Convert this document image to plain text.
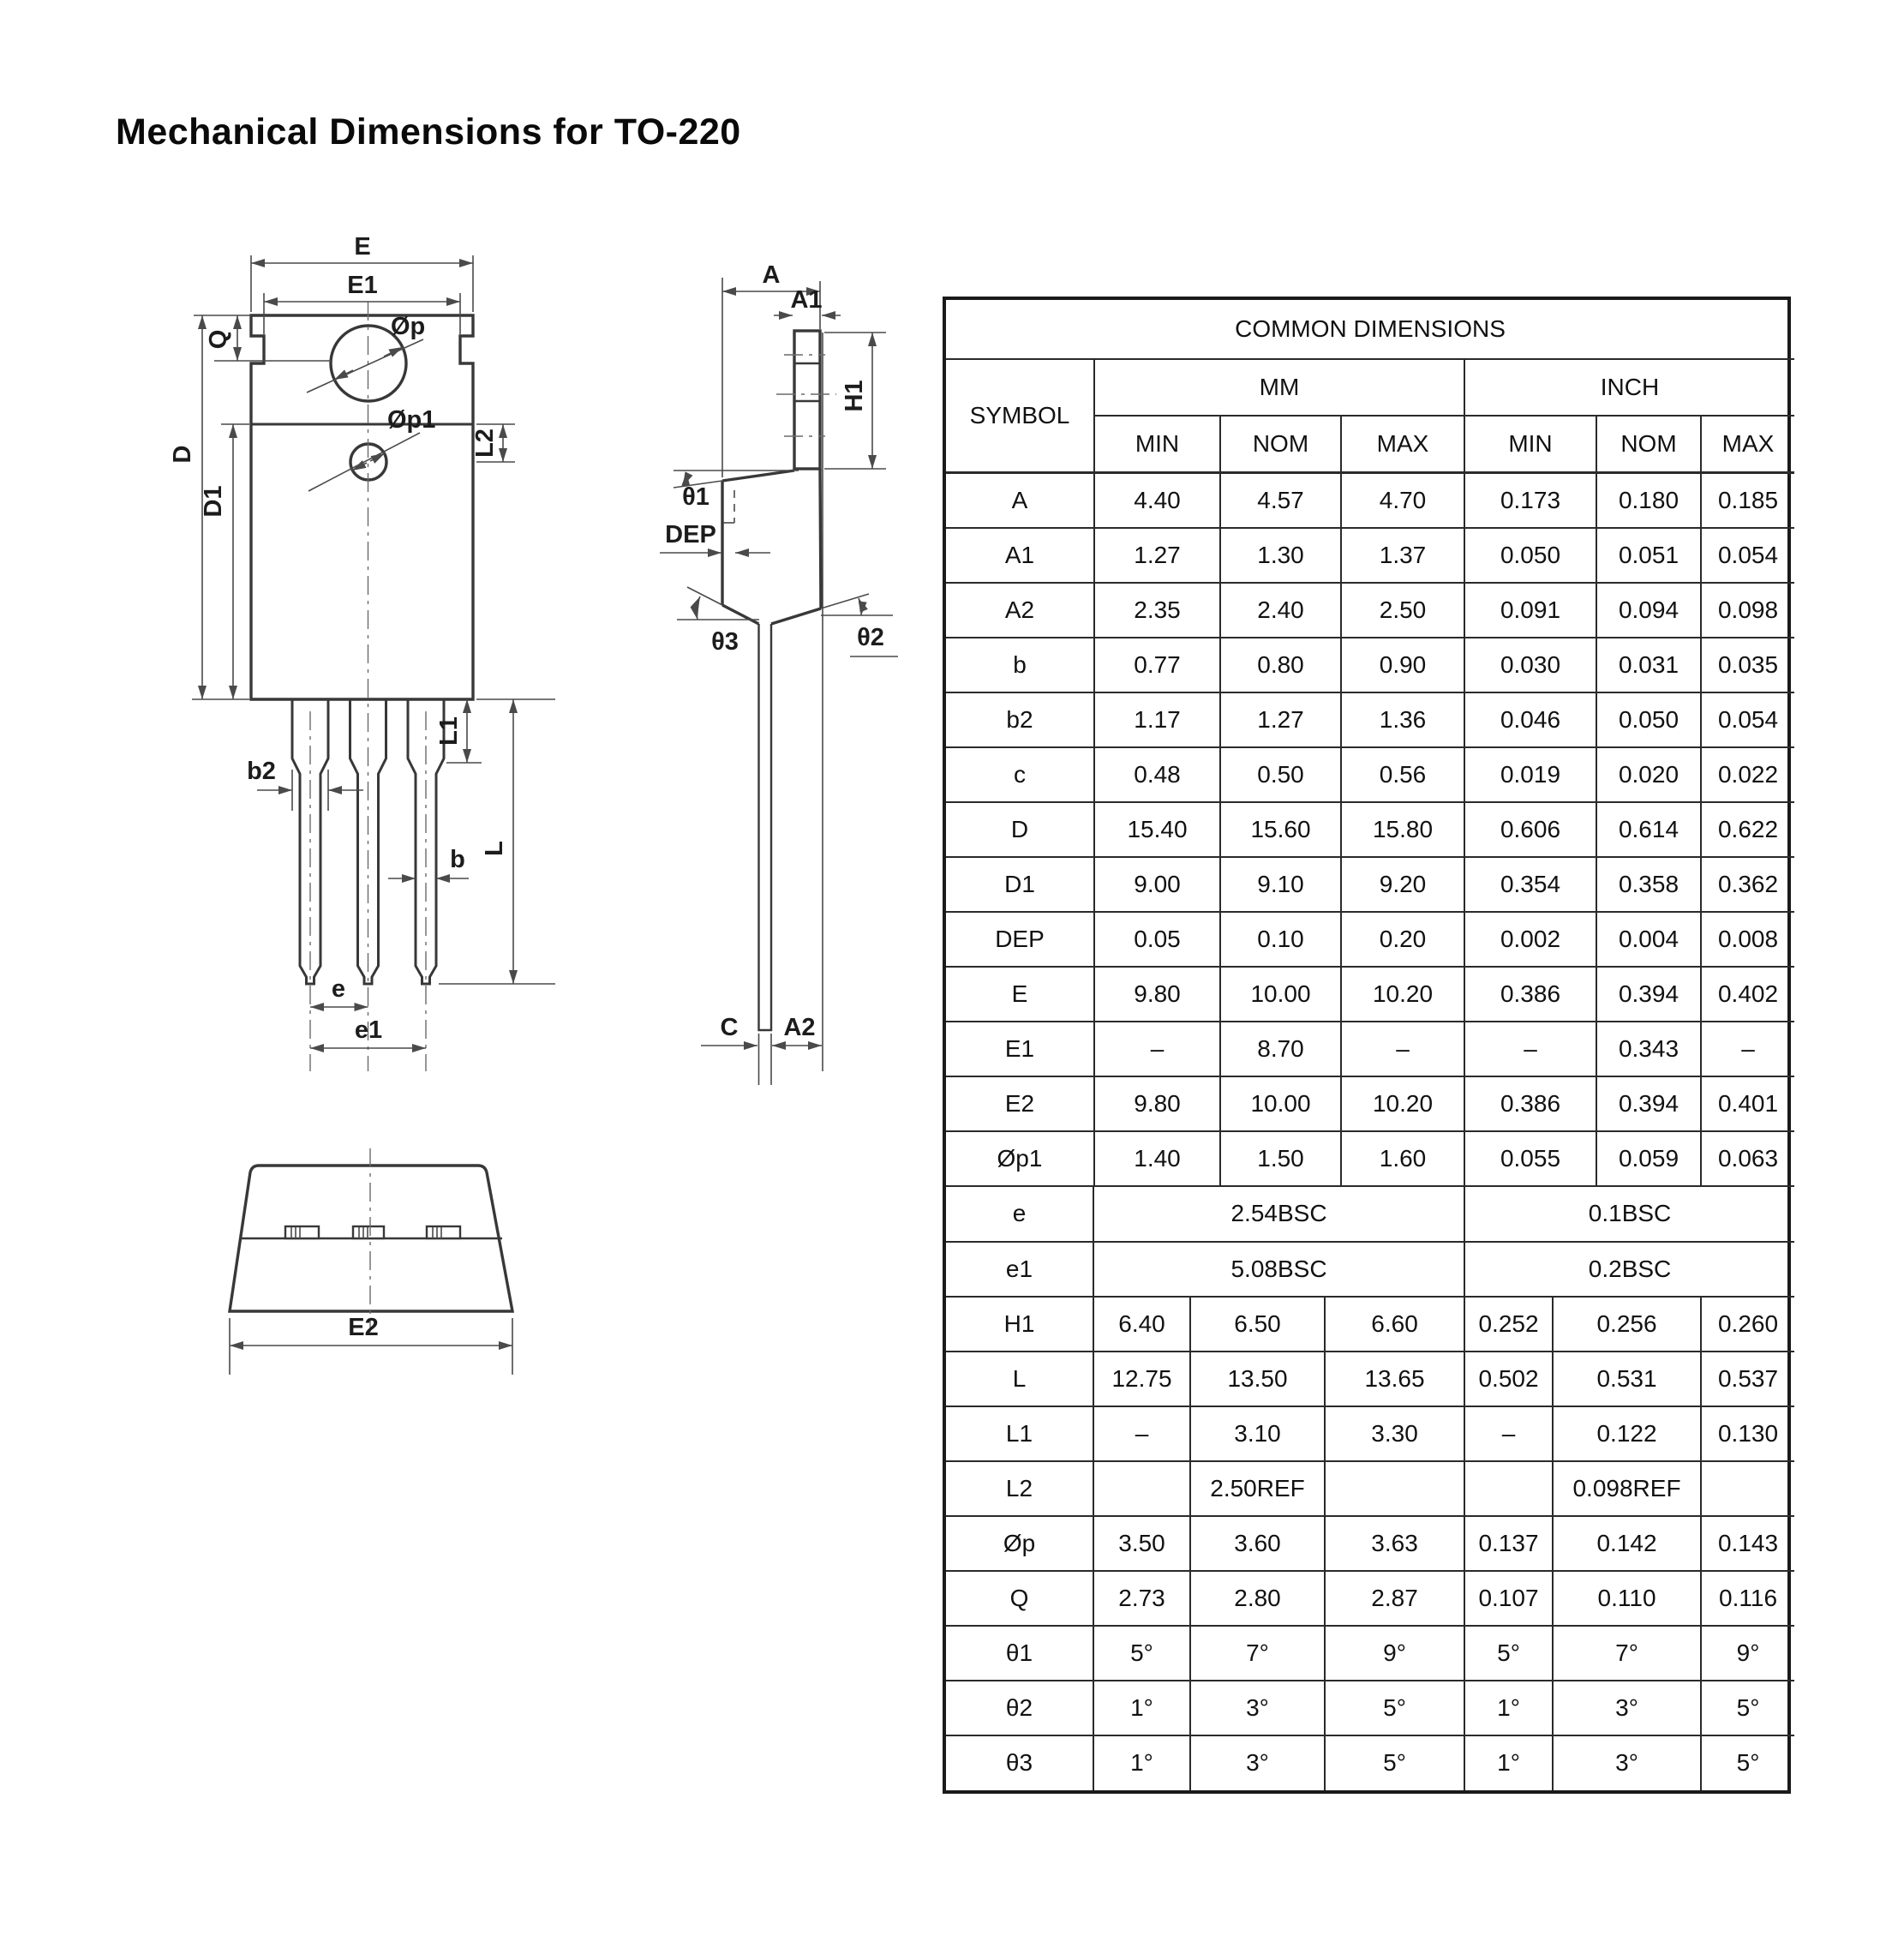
Mechanical Dimensions for TO-220
E
E1
Q
D
D1
Øp
Øp1
L2
L1
L
b2
b
e
e1
A
A1
H1
θ1
DEP
θ3	θ2
C A2
E2
COMMON DIMENSIONS						
SYMBOL	MM			INCH		
	MIN	NOM	MAX	MIN	NOM	MAX
A	4.40	4.57	4.70	0.173	0.180	0.185
A1	1.27	1.30	1.37	0.050	0.051	0.054
A2	2.35	2.40	2.50	0.091	0.094	0.098
b	0.77	0.80	0.90	0.030	0.031	0.035
b2	1.17	1.27	1.36	0.046	0.050	0.054
c	0.48	0.50	0.56	0.019	0.020	0.022
D	15.40	15.60	15.80	0.606	0.614	0.622
D1	9.00	9.10	9.20	0.354	0.358	0.362
DEP	0.05	0.10	0.20	0.002	0.004	0.008
E	9.80	10.00	10.20	0.386	0.394	0.402
E1	–	8.70	–	–	0.343	–
E2	9.80	10.00	10.20	0.386	0.394	0.401
Øp1	1.40	1.50	1.60	0.055	0.059	0.063
e	2.54BSC			0.1BSC		
e1	5.08BSC			0.2BSC		
H1	6.40	6.50	6.60	0.252	0.256	0.260
L	12.75	13.50	13.65	0.502	0.531	0.537
L1	–	3.10	3.30	–	0.122	0.130
L2		2.50REF			0.098REF	
Øp	3.50	3.60	3.63	0.137	0.142	0.143
Q	2.73	2.80	2.87	0.107	0.110	0.116
θ1	5°	7°	9°	5°	7°	9°
θ2	1°	3°	5°	1°	3°	5°
θ3	1°	3°	5°	1°	3°	5°
